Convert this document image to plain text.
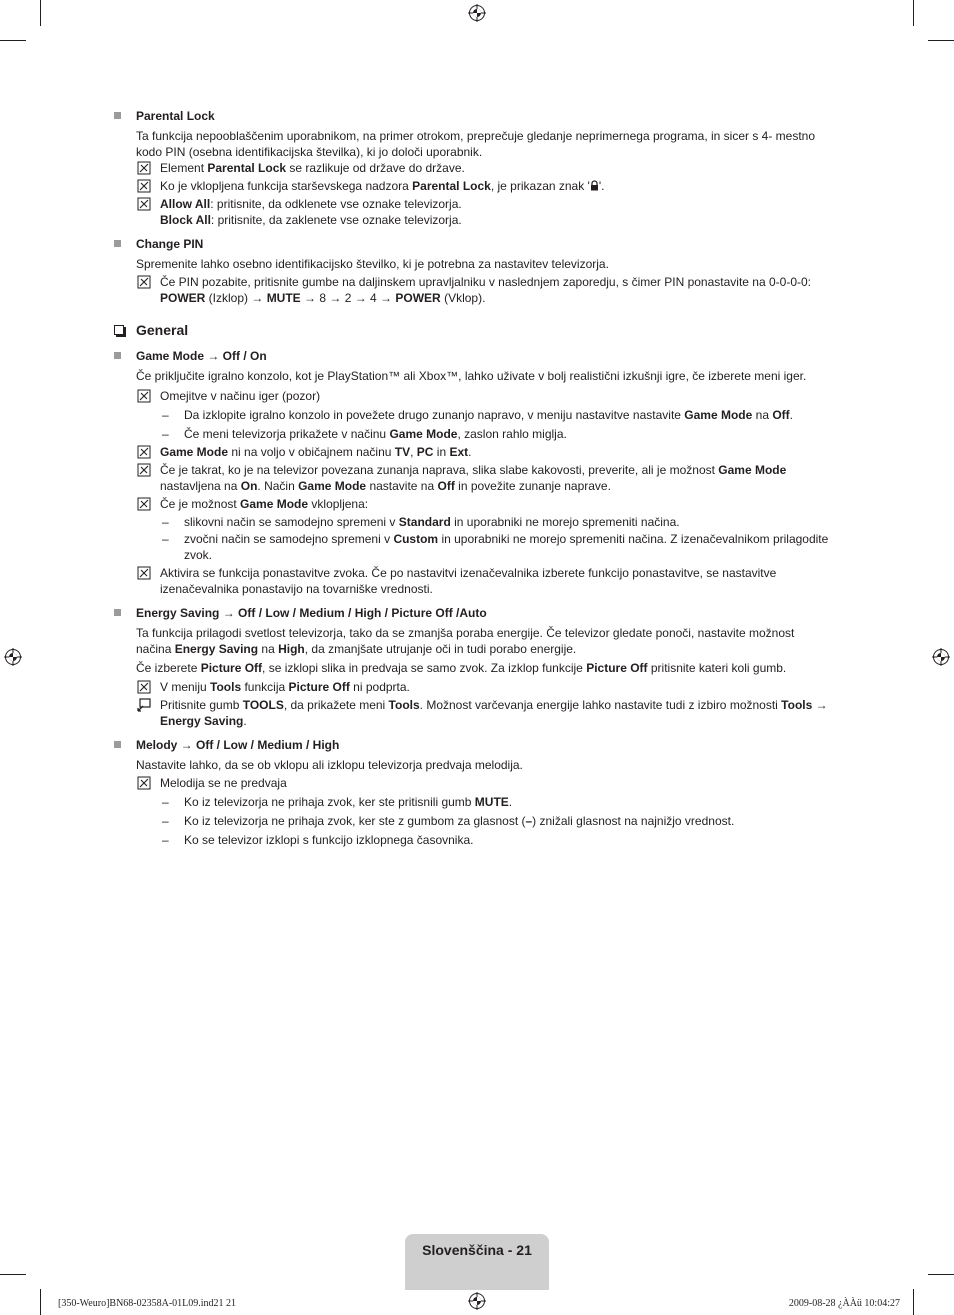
Parental Lock

Ta funkcija nepooblaščenim uporabnikom, na primer otrokom, preprečuje gledanje neprimernega programa, in sicer s 4- mestno kodo PIN (osebna identifikacijska številka), ki jo določi uporabnik.

Element Parental Lock se razlikuje od države do države.

Ko je vklopljena funkcija starševskega nadzora Parental Lock, je prikazan znak ' '.

Allow All: pritisnite, da odklenete vse oznake televizorja.

Block All: pritisnite, da zaklenete vse oznake televizorja.

Change PIN

Spremenite lahko osebno identifikacijsko številko, ki je potrebna za nastavitev televizorja.

Če PIN pozabite, pritisnite gumbe na daljinskem upravljalniku v naslednjem zaporedju, s čimer PIN ponastavite na 0-0-0-0:
POWER (Izklop) → MUTE → 8 → 2 → 4 → POWER (Vklop).

General

Game Mode → Off / On

Če priključite igralno konzolo, kot je PlayStation™ ali Xbox™, lahko uživate v bolj realistični izkušnji igre, če izberete meni iger.

Omejitve v načinu iger (pozor)

– Da izklopite igralno konzolo in povežete drugo zunanjo napravo, v meniju nastavitve nastavite Game Mode na Off.

– Če meni televizorja prikažete v načinu Game Mode, zaslon rahlo miglja.

Game Mode ni na voljo v običajnem načinu TV, PC in Ext.

Če je takrat, ko je na televizor povezana zunanja naprava, slika slabe kakovosti, preverite, ali je možnost Game Mode
nastavljena na On. Način Game Mode nastavite na Off in povežite zunanje naprave.

Če je možnost Game Mode vklopljena:

– slikovni način se samodejno spremeni v Standard in uporabniki ne morejo spremeniti načina.

– zvočni način se samodejno spremeni v Custom in uporabniki ne morejo spremeniti načina. Z izenačevalnikom prilagodite
zvok.

Aktivira se funkcija ponastavitve zvoka. Če po nastavitvi izenačevalnika izberete funkcijo ponastavitve, se nastavitve
izenačevalnika ponastavijo na tovarniške vrednosti.

Energy Saving → Off / Low / Medium / High / Picture Off /Auto

Ta funkcija prilagodi svetlost televizorja, tako da se zmanjša poraba energije. Če televizor gledate ponoči, nastavite možnost
načina Energy Saving na High, da zmanjšate utrujanje oči in tudi porabo energije.

Če izberete Picture Off, se izklopi slika in predvaja se samo zvok. Za izklop funkcije Picture Off pritisnite kateri koli gumb.

V meniju Tools funkcija Picture Off ni podprta.

Pritisnite gumb TOOLS, da prikažete meni Tools. Možnost varčevanja energije lahko nastavite tudi z izbiro možnosti Tools →
Energy Saving.

Melody → Off / Low / Medium / High

Nastavite lahko, da se ob vklopu ali izklopu televizorja predvaja melodija.

Melodija se ne predvaja

– Ko iz televizorja ne prihaja zvok, ker ste pritisnili gumb MUTE.

– Ko iz televizorja ne prihaja zvok, ker ste z gumbom za glasnost (–) znižali glasnost na najnižjo vrednost.

– Ko se televizor izklopi s funkcijo izklopnega časovnika.

Slovenščina - 21
[350-Weuro]BN68-02358A-01L09.ind21 21	2009-08-28 ¿ÀÀü 10:04:27
